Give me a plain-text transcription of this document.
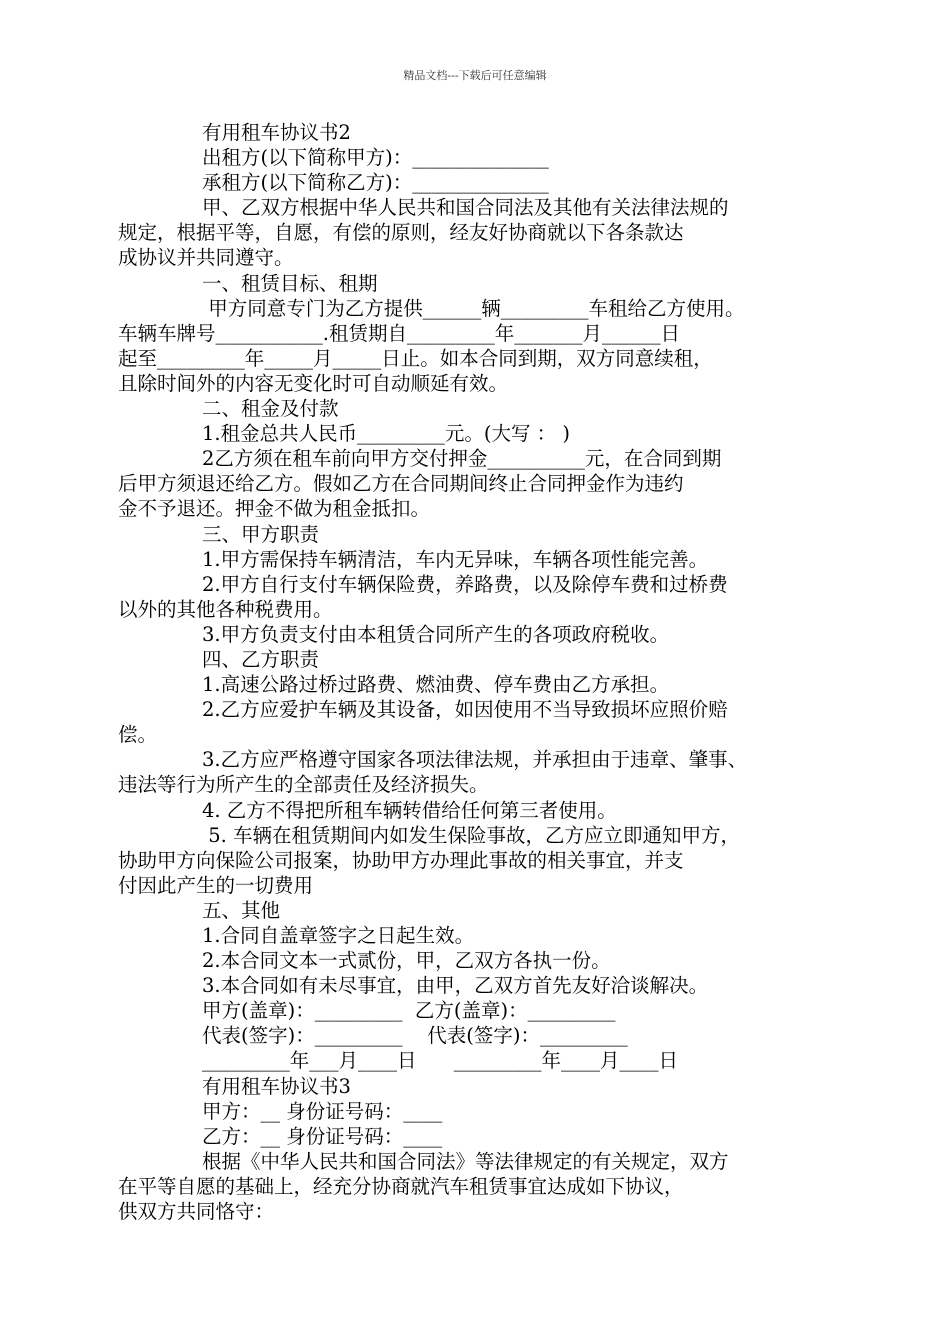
精品文档---下载后可任意编辑

有用租车协议书2

出租方(以下简称甲方)：______________

承租方(以下简称乙方)：______________

甲、乙双方根据中华人民共和国合同法及其他有关法律法规的

规定，根据平等，自愿，有偿的原则，经友好协商就以下各条款达

成协议并共同遵守。

一、租赁目标、租期

甲方同意专门为乙方提供______辆_________车租给乙方使用。

车辆车牌号___________.租赁期自_________年_______月______日

起至_________年_____月_____日止。如本合同到期，双方同意续租，

且除时间外的内容无变化时可自动顺延有效。

二、租金及付款

1.租金总共人民币_________元。(大写 ： )

2乙方须在租车前向甲方交付押金__________元，在合同到期

后甲方须退还给乙方。假如乙方在合同期间终止合同押金作为违约

金不予退还。押金不做为租金抵扣。

三、甲方职责

1.甲方需保持车辆清洁，车内无异味，车辆各项性能完善。

2.甲方自行支付车辆保险费，养路费，以及除停车费和过桥费

以外的其他各种税费用。

3.甲方负责支付由本租赁合同所产生的各项政府税收。

四、乙方职责

1.高速公路过桥过路费、燃油费、停车费由乙方承担。

2.乙方应爱护车辆及其设备，如因使用不当导致损坏应照价赔

偿。

3.乙方应严格遵守国家各项法律法规，并承担由于违章、肇事、

违法等行为所产生的全部责任及经济损失。

4. 乙方不得把所租车辆转借给任何第三者使用。

5. 车辆在租赁期间内如发生保险事故，乙方应立即通知甲方，

协助甲方向保险公司报案，协助甲方办理此事故的相关事宜，并支

付因此产生的一切费用

五、其他

1.合同自盖章签字之日起生效。

2.本合同文本一式贰份，甲，乙双方各执一份。

3.本合同如有未尽事宜，由甲，乙双方首先友好洽谈解决。

甲方(盖章)：_________  乙方(盖章)：_________

代表(签字)：_________    代表(签字)：_________

_________年___月____日      _________年____月____日

有用租车协议书3

甲方：__ 身份证号码：____

乙方：__ 身份证号码：____

根据《中华人民共和国合同法》等法律规定的有关规定，双方

在平等自愿的基础上，经充分协商就汽车租赁事宜达成如下协议，

供双方共同恪守：
